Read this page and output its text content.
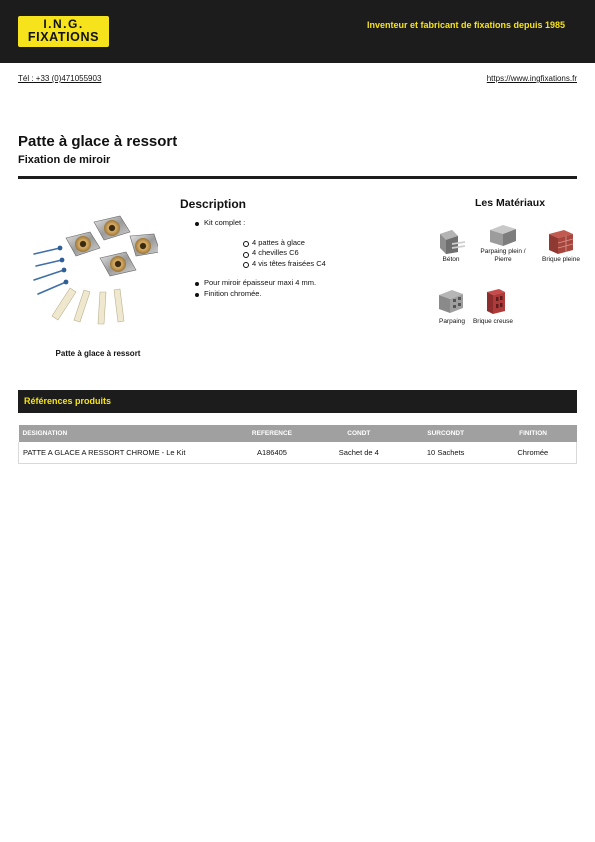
I.N.G.
FIXATIONS
Inventeur et fabricant de fixations depuis 1985
Tél : +33 (0)471055903	https://www.ingfixations.fr
Patte à glace à ressort
Fixation de miroir
Patte à glace à ressort
Description
Kit complet :
4 pattes à glace
4 chevilles C6
4 vis têtes fraisées C4
Pour miroir épaisseur maxi 4 mm.
Finition chromée.
Les Matériaux
Béton
Parpaing plein / Pierre	Brique pleine
Parpaing	Brique creuse
Références produits
DESIGNATION	REFERENCE	CONDT	SURCONDT	FINITION
PATTE A GLACE A RESSORT CHROME - Le Kit	A186405	Sachet de 4	10 Sachets	Chromée
